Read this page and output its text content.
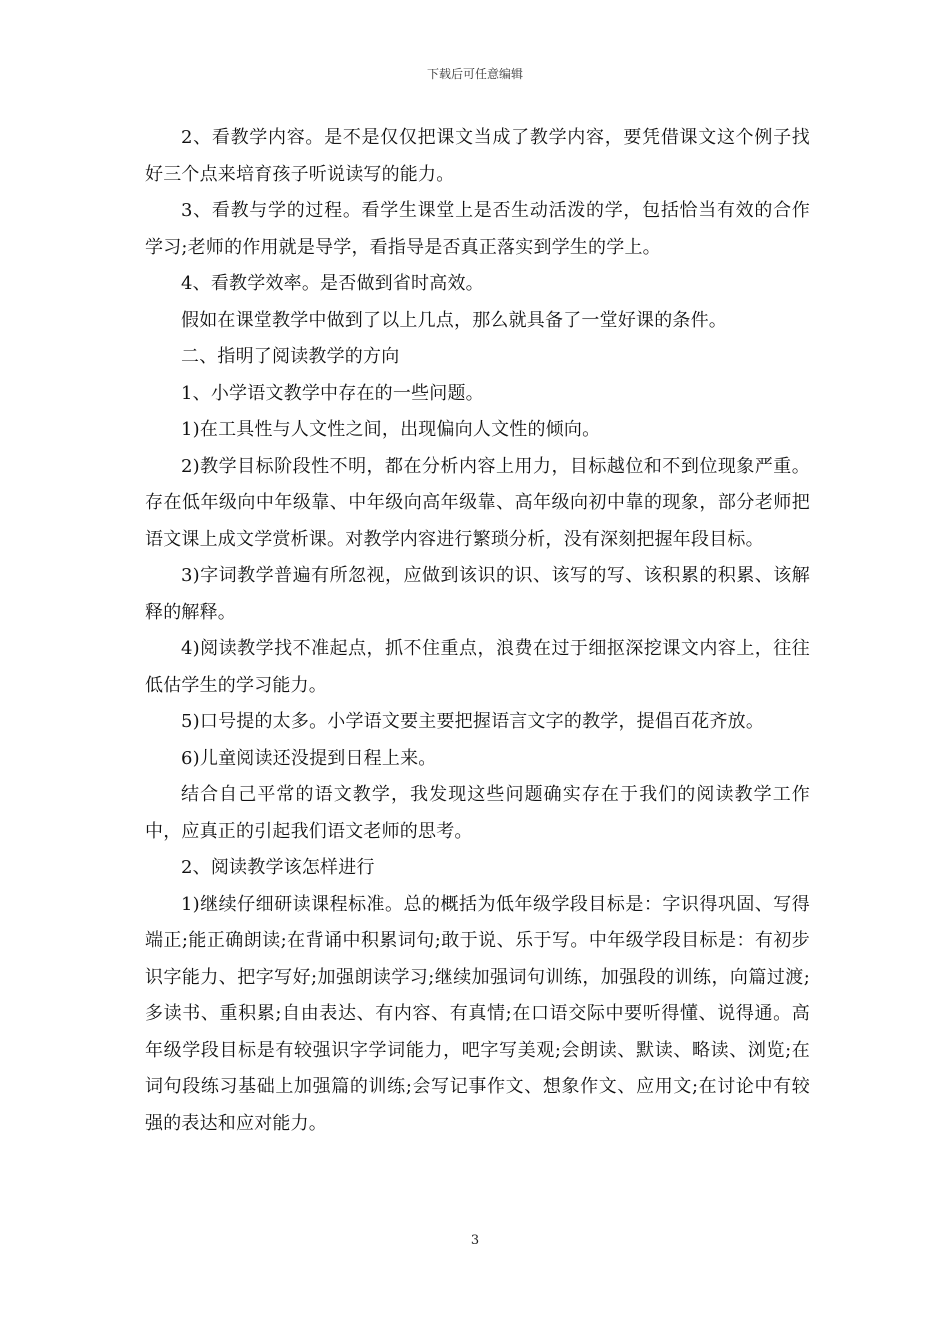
下载后可任意编辑

2、看教学内容。是不是仅仅把课文当成了教学内容，要凭借课文这个例子找好三个点来培育孩子听说读写的能力。

3、看教与学的过程。看学生课堂上是否生动活泼的学，包括恰当有效的合作学习;老师的作用就是导学，看指导是否真正落实到学生的学上。

4、看教学效率。是否做到省时高效。

假如在课堂教学中做到了以上几点，那么就具备了一堂好课的条件。

二、指明了阅读教学的方向

1、小学语文教学中存在的一些问题。

1)在工具性与人文性之间，出现偏向人文性的倾向。

2)教学目标阶段性不明，都在分析内容上用力，目标越位和不到位现象严重。存在低年级向中年级靠、中年级向高年级靠、高年级向初中靠的现象，部分老师把语文课上成文学赏析课。对教学内容进行繁琐分析，没有深刻把握年段目标。

3)字词教学普遍有所忽视，应做到该识的识、该写的写、该积累的积累、该解释的解释。

4)阅读教学找不准起点，抓不住重点，浪费在过于细抠深挖课文内容上，往往低估学生的学习能力。

5)口号提的太多。小学语文要主要把握语言文字的教学，提倡百花齐放。

6)儿童阅读还没提到日程上来。

结合自己平常的语文教学，我发现这些问题确实存在于我们的阅读教学工作中，应真正的引起我们语文老师的思考。

2、阅读教学该怎样进行

1)继续仔细研读课程标准。总的概括为低年级学段目标是：字识得巩固、写得端正;能正确朗读;在背诵中积累词句;敢于说、乐于写。中年级学段目标是：有初步识字能力、把字写好;加强朗读学习;继续加强词句训练，加强段的训练，向篇过渡;多读书、重积累;自由表达、有内容、有真情;在口语交际中要听得懂、说得通。高年级学段目标是有较强识字学词能力，吧字写美观;会朗读、默读、略读、浏览;在词句段练习基础上加强篇的训练;会写记事作文、想象作文、应用文;在讨论中有较强的表达和应对能力。

3
